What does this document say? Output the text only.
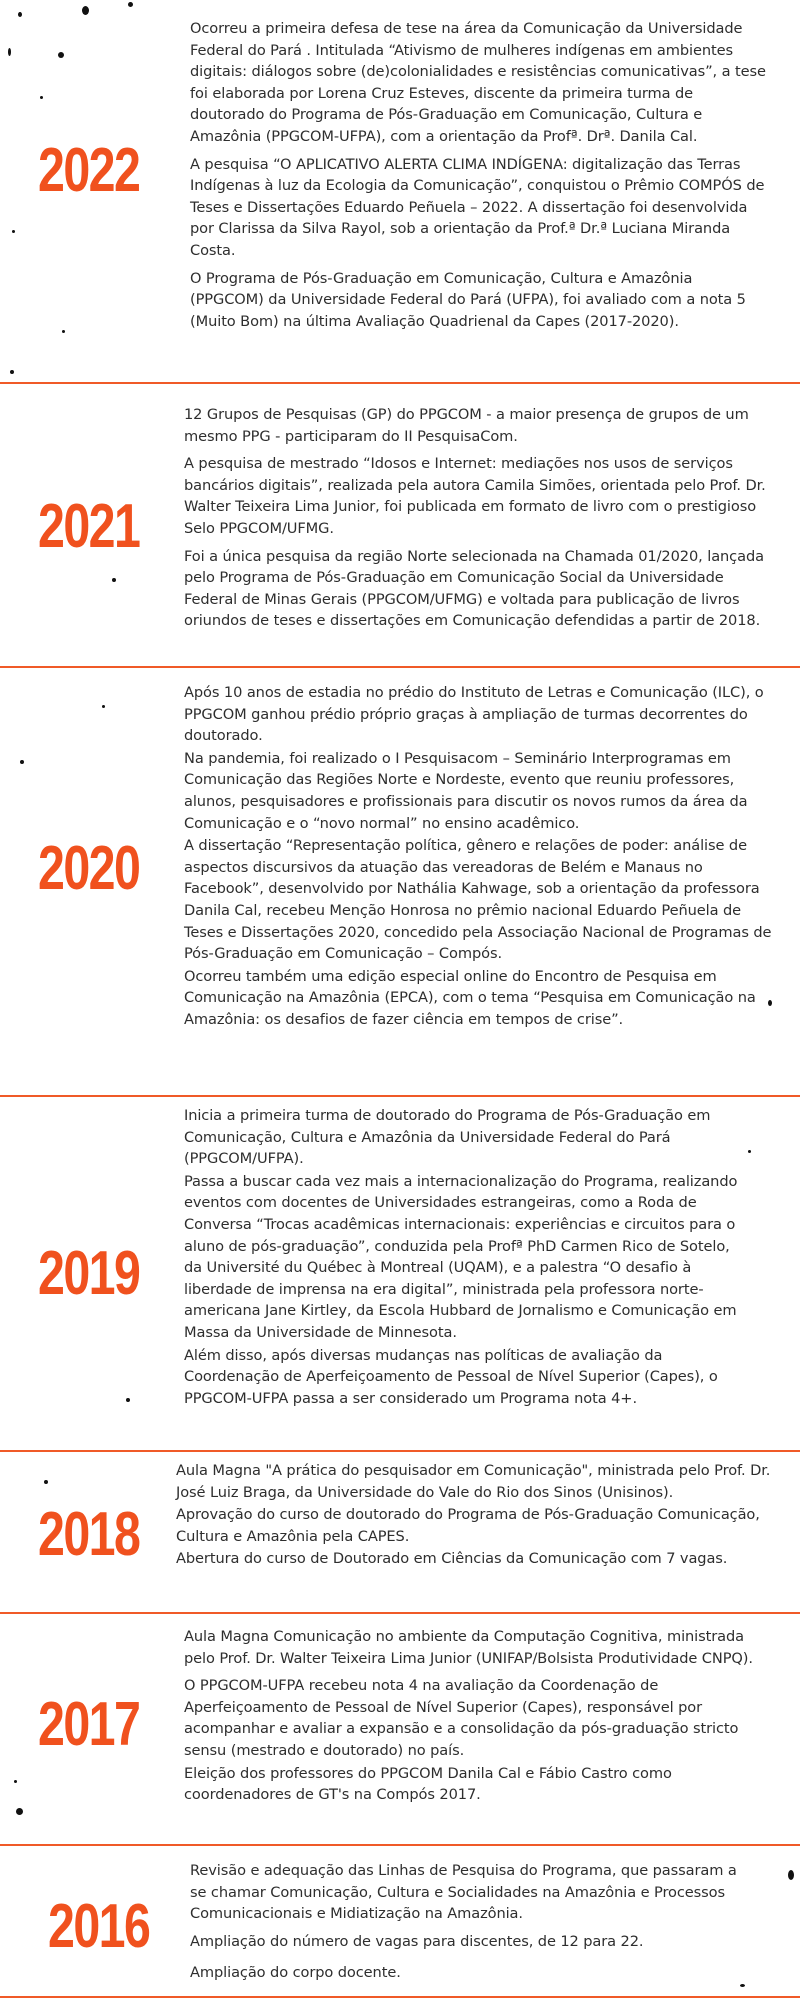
2022

Ocorreu a primeira defesa de tese na área da Comunicação da Universidade Federal do Pará . Intitulada “Ativismo de mulheres indígenas em ambientes digitais: diálogos sobre (de)colonialidades e resistências comunicativas”, a tese foi elaborada por Lorena Cruz Esteves, discente da primeira turma de doutorado do Programa de Pós-Graduação em Comunicação, Cultura e Amazônia (PPGCOM-UFPA), com a orientação da Profª. Drª. Danila Cal.

A pesquisa “O APLICATIVO ALERTA CLIMA INDÍGENA: digitalização das Terras Indígenas à luz da Ecologia da Comunicação”, conquistou o Prêmio COMPÓS de Teses e Dissertações Eduardo Peñuela – 2022. A dissertação foi desenvolvida por Clarissa da Silva Rayol, sob a orientação da Prof.ª Dr.ª Luciana Miranda Costa.

O Programa de Pós-Graduação em Comunicação, Cultura e Amazônia (PPGCOM) da Universidade Federal do Pará (UFPA), foi avaliado com a nota 5 (Muito Bom) na última Avaliação Quadrienal da Capes (2017-2020).

2021

12 Grupos de Pesquisas (GP) do PPGCOM - a maior presença de grupos de um mesmo PPG - participaram do II PesquisaCom.

A pesquisa de mestrado “Idosos e Internet: mediações nos usos de serviços bancários digitais”, realizada pela autora Camila Simões, orientada pelo Prof. Dr. Walter Teixeira Lima Junior, foi publicada em formato de livro com o prestigioso Selo PPGCOM/UFMG.

Foi a única pesquisa da região Norte selecionada na Chamada 01/2020, lançada pelo Programa de Pós-Graduação em Comunicação Social da Universidade Federal de Minas Gerais (PPGCOM/UFMG) e voltada para publicação de livros oriundos de teses e dissertações em Comunicação defendidas a partir de 2018.

2020

Após 10 anos de estadia no prédio do Instituto de Letras e Comunicação (ILC), o PPGCOM ganhou prédio próprio graças à ampliação de turmas decorrentes do doutorado.

Na pandemia, foi realizado o I Pesquisacom – Seminário Interprogramas em Comunicação das Regiões Norte e Nordeste, evento que reuniu professores, alunos, pesquisadores e profissionais para discutir os novos rumos da área da Comunicação e o “novo normal” no ensino acadêmico.

A dissertação “Representação política, gênero e relações de poder: análise de aspectos discursivos da atuação das vereadoras de Belém e Manaus no Facebook”, desenvolvido por Nathália Kahwage, sob a orientação da professora Danila Cal, recebeu Menção Honrosa no prêmio nacional Eduardo Peñuela de Teses e Dissertações 2020, concedido pela Associação Nacional de Programas de Pós-Graduação em Comunicação – Compós.

Ocorreu também uma edição especial online do Encontro de Pesquisa em Comunicação na Amazônia (EPCA), com o tema “Pesquisa em Comunicação na Amazônia: os desafios de fazer ciência em tempos de crise”.

2019

Inicia a primeira turma de doutorado do Programa de Pós-Graduação em Comunicação, Cultura e Amazônia da Universidade Federal do Pará (PPGCOM/UFPA).

Passa a buscar cada vez mais a internacionalização do Programa, realizando eventos com docentes de Universidades estrangeiras, como a Roda de Conversa “Trocas acadêmicas internacionais: experiências e circuitos para o aluno de pós-graduação”, conduzida pela Profª PhD Carmen Rico de Sotelo, da Université du Québec à Montreal (UQAM), e a palestra “O desafio à liberdade de imprensa na era digital”, ministrada pela professora norte-americana Jane Kirtley, da Escola Hubbard de Jornalismo e Comunicação em Massa da Universidade de Minnesota.

Além disso, após diversas mudanças nas políticas de avaliação da Coordenação de Aperfeiçoamento de Pessoal de Nível Superior (Capes), o PPGCOM-UFPA passa a ser considerado um Programa nota 4+.

2018

Aula Magna "A prática do pesquisador em Comunicação", ministrada pelo Prof. Dr. José Luiz Braga, da Universidade do Vale do Rio dos Sinos (Unisinos).

Aprovação do curso de doutorado do Programa de Pós-Graduação Comunicação, Cultura e Amazônia pela CAPES.

Abertura do curso de Doutorado em Ciências da Comunicação com 7 vagas.

2017

Aula Magna Comunicação no ambiente da Computação Cognitiva, ministrada pelo Prof. Dr. Walter Teixeira Lima Junior (UNIFAP/Bolsista Produtividade CNPQ).

O PPGCOM-UFPA recebeu nota 4 na avaliação da Coordenação de Aperfeiçoamento de Pessoal de Nível Superior (Capes), responsável por acompanhar e avaliar a expansão e a consolidação da pós-graduação stricto sensu (mestrado e doutorado) no país.

Eleição dos professores do PPGCOM Danila Cal e Fábio Castro como coordenadores de GT's na Compós 2017.

2016

Revisão e adequação das Linhas de Pesquisa do Programa, que passaram a se chamar Comunicação, Cultura e Socialidades na Amazônia e Processos Comunicacionais e Midiatização na Amazônia.

Ampliação do número de vagas para discentes, de 12 para 22.

Ampliação do corpo docente.
